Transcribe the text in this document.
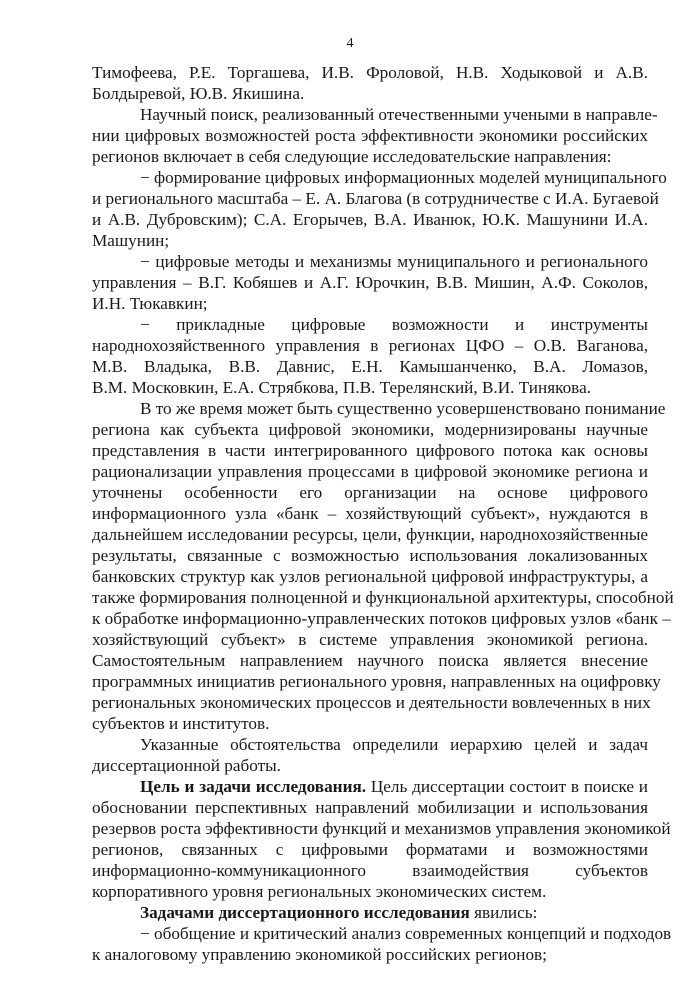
4
Тимофеева, Р.Е. Торгашева, И.В. Фроловой, Н.В. Ходыковой и А.В.
Болдыревой, Ю.В. Якишина.
Научный поиск, реализованный отечественными учеными в направле-
нии цифровых возможностей роста эффективности экономики российских
регионов включает в себя следующие исследовательские направления:
− формирование цифровых информационных моделей муниципального
и регионального масштаба – Е. А. Благова (в сотрудничестве с И.А. Бугаевой
и А.В. Дубровским); С.А. Егорычев, В.А. Иванюк, Ю.К. Машунини И.А.
Машунин;
− цифровые методы и механизмы муниципального и регионального
управления – В.Г. Кобяшев и А.Г. Юрочкин, В.В. Мишин, А.Ф. Соколов,
И.Н. Тюкавкин;
− прикладные цифровые возможности и инструменты
народнохозяйственного управления в регионах ЦФО – О.В. Ваганова,
М.В. Владыка, В.В. Давнис, Е.Н. Камышанченко, В.А. Ломазов,
В.М. Московкин, Е.А. Стрябкова, П.В. Терелянский, В.И. Тинякова.
В то же время может быть существенно усовершенствовано понимание
региона как субъекта цифровой экономики, модернизированы научные
представления в части интегрированного цифрового потока как основы
рационализации управления процессами в цифровой экономике региона и
уточнены особенности его организации на основе цифрового
информационного узла «банк – хозяйствующий субъект», нуждаются в
дальнейшем исследовании ресурсы, цели, функции, народнохозяйственные
результаты, связанные с возможностью использования локализованных
банковских структур как узлов региональной цифровой инфраструктуры, а
также формирования полноценной и функциональной архитектуры, способной
к обработке информационно-управленческих потоков цифровых узлов «банк –
хозяйствующий субъект» в системе управления экономикой региона.
Самостоятельным направлением научного поиска является внесение
программных инициатив регионального уровня, направленных на оцифровку
региональных экономических процессов и деятельности вовлеченных в них
субъектов и институтов.
Указанные обстоятельства определили иерархию целей и задач
диссертационной работы.
Цель и задачи исследования. Цель диссертации состоит в поиске и
обосновании перспективных направлений мобилизации и использования
резервов роста эффективности функций и механизмов управления экономикой
регионов, связанных с цифровыми форматами и возможностями
информационно-коммуникационного взаимодействия субъектов
корпоративного уровня региональных экономических систем.
Задачами диссертационного исследования явились:
− обобщение и критический анализ современных концепций и подходов
к аналоговому управлению экономикой российских регионов;
